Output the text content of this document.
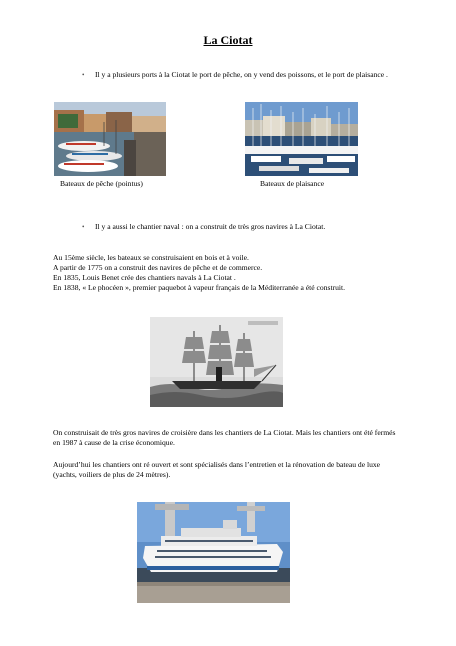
La Ciotat
• Il y a plusieurs ports à la Ciotat le port de pêche, on y vend des poissons, et le port de plaisance .
Bateaux de pêche (pointus)	Bateaux de plaisance
• Il y a aussi le chantier naval : on a construit de très gros navires à La Ciotat.

Au 15ème siècle, les bateaux se construisaient en bois et à voile.

A partir de 1775 on a construit des navires de pêche et de commerce.

En 1835, Louis Benet crée des chantiers navals à La Ciotat .

En 1838, « Le phocéen », premier paquebot à vapeur français de la Méditerranée a été construit.

On construisait de très gros navires de croisière dans les chantiers de La Ciotat. Mais les chantiers ont été fermés en 1987 à cause de la crise économique.

Aujourd’hui les chantiers ont ré ouvert et sont spécialisés dans l’entretien et la rénovation de bateau de luxe (yachts, voiliers de plus de 24 mètres).
